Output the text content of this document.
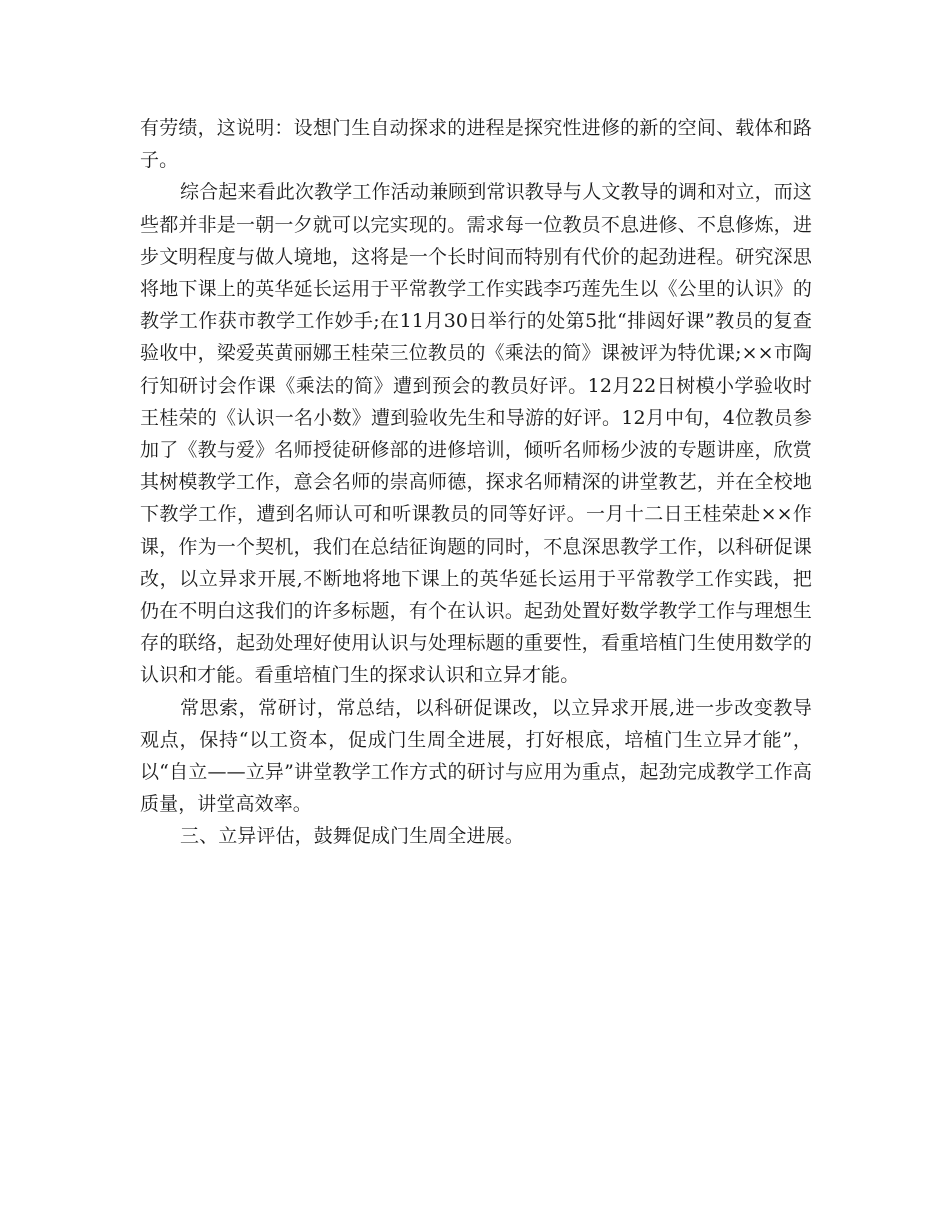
有劳绩，这说明：设想门生自动探求的进程是探究性进修的新的空间、载体和路子。

综合起来看此次教学工作活动兼顾到常识教导与人文教导的调和对立，而这些都并非是一朝一夕就可以完实现的。需求每一位教员不息进修、不息修炼，进步文明程度与做人境地，这将是一个长时间而特别有代价的起劲进程。研究深思将地下课上的英华延长运用于平常教学工作实践李巧莲先生以《公里的认识》的教学工作获市教学工作妙手;在11月30日举行的处第5批“排闼好课”教员的复查验收中，梁爱英黄丽娜王桂荣三位教员的《乘法的简》课被评为特优课;××市陶行知研讨会作课《乘法的简》遭到预会的教员好评。12月22日树模小学验收时王桂荣的《认识一名小数》遭到验收先生和导游的好评。12月中旬，4位教员参加了《教与爱》名师授徒研修部的进修培训，倾听名师杨少波的专题讲座，欣赏其树模教学工作，意会名师的崇高师德，探求名师精深的讲堂教艺，并在全校地下教学工作，遭到名师认可和听课教员的同等好评。一月十二日王桂荣赴××作课，作为一个契机，我们在总结征询题的同时，不息深思教学工作，以科研促课改，以立异求开展,不断地将地下课上的英华延长运用于平常教学工作实践，把仍在不明白这我们的许多标题，有个在认识。起劲处置好数学教学工作与理想生存的联络，起劲处理好使用认识与处理标题的重要性，看重培植门生使用数学的认识和才能。看重培植门生的探求认识和立异才能。

常思索，常研讨，常总结，以科研促课改，以立异求开展,进一步改变教导观点，保持“以工资本，促成门生周全进展，打好根底，培植门生立异才能”，以“自立——立异”讲堂教学工作方式的研讨与应用为重点，起劲完成教学工作高质量，讲堂高效率。

三、立异评估，鼓舞促成门生周全进展。
